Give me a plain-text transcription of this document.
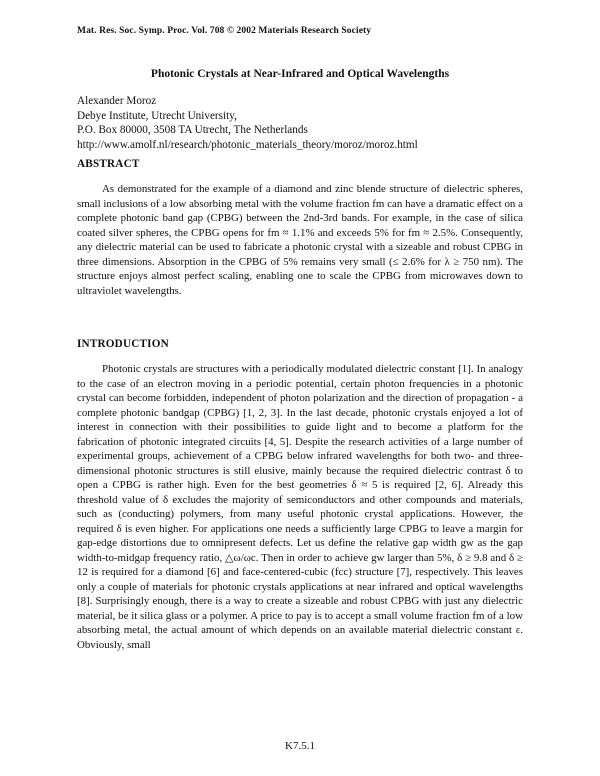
Mat. Res. Soc. Symp. Proc. Vol. 708 © 2002 Materials Research Society
Photonic Crystals at Near-Infrared and Optical Wavelengths
Alexander Moroz
Debye Institute, Utrecht University,
P.O. Box 80000, 3508 TA Utrecht, The Netherlands
http://www.amolf.nl/research/photonic_materials_theory/moroz/moroz.html
ABSTRACT
As demonstrated for the example of a diamond and zinc blende structure of dielectric spheres, small inclusions of a low absorbing metal with the volume fraction fm can have a dramatic effect on a complete photonic band gap (CPBG) between the 2nd-3rd bands. For example, in the case of silica coated silver spheres, the CPBG opens for fm ≈ 1.1% and exceeds 5% for fm ≈ 2.5%. Consequently, any dielectric material can be used to fabricate a photonic crystal with a sizeable and robust CPBG in three dimensions. Absorption in the CPBG of 5% remains very small (≤ 2.6% for λ ≥ 750 nm). The structure enjoys almost perfect scaling, enabling one to scale the CPBG from microwaves down to ultraviolet wavelengths.
INTRODUCTION
Photonic crystals are structures with a periodically modulated dielectric constant [1]. In analogy to the case of an electron moving in a periodic potential, certain photon frequencies in a photonic crystal can become forbidden, independent of photon polarization and the direction of propagation - a complete photonic bandgap (CPBG) [1, 2, 3]. In the last decade, photonic crystals enjoyed a lot of interest in connection with their possibilities to guide light and to become a platform for the fabrication of photonic integrated circuits [4, 5]. Despite the research activities of a large number of experimental groups, achievement of a CPBG below infrared wavelengths for both two- and three-dimensional photonic structures is still elusive, mainly because the required dielectric contrast δ to open a CPBG is rather high. Even for the best geometries δ ≈ 5 is required [2, 6]. Already this threshold value of δ excludes the majority of semiconductors and other compounds and materials, such as (conducting) polymers, from many useful photonic crystal applications. However, the required δ is even higher. For applications one needs a sufficiently large CPBG to leave a margin for gap-edge distortions due to omnipresent defects. Let us define the relative gap width gw as the gap width-to-midgap frequency ratio, △ω/ωc. Then in order to achieve gw larger than 5%, δ ≥ 9.8 and δ ≥ 12 is required for a diamond [6] and face-centered-cubic (fcc) structure [7], respectively. This leaves only a couple of materials for photonic crystals applications at near infrared and optical wavelengths [8]. Surprisingly enough, there is a way to create a sizeable and robust CPBG with just any dielectric material, be it silica glass or a polymer. A price to pay is to accept a small volume fraction fm of a low absorbing metal, the actual amount of which depends on an available material dielectric constant ε. Obviously, small
K7.5.1
